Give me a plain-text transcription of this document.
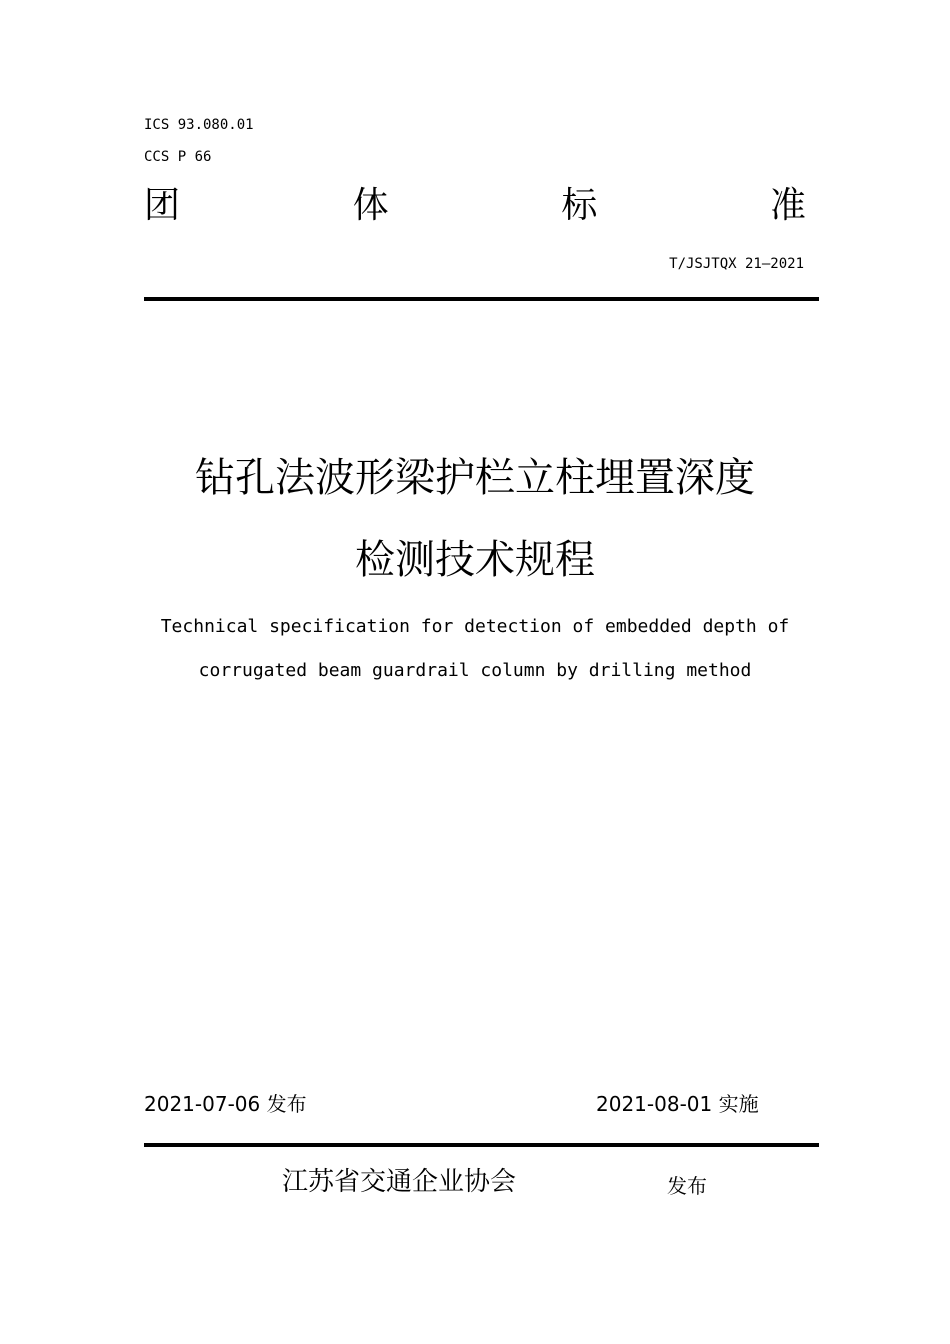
ICS 93.080.01

CCS P 66

团	体	标	准

T/JSJTQX 21—2021

钻孔法波形梁护栏立柱埋置深度
检测技术规程

Technical specification for detection of embedded depth of

corrugated beam guardrail column by drilling method

2021-07-06 发布	2021-08-01 实施

江苏省交通企业协会	发布
